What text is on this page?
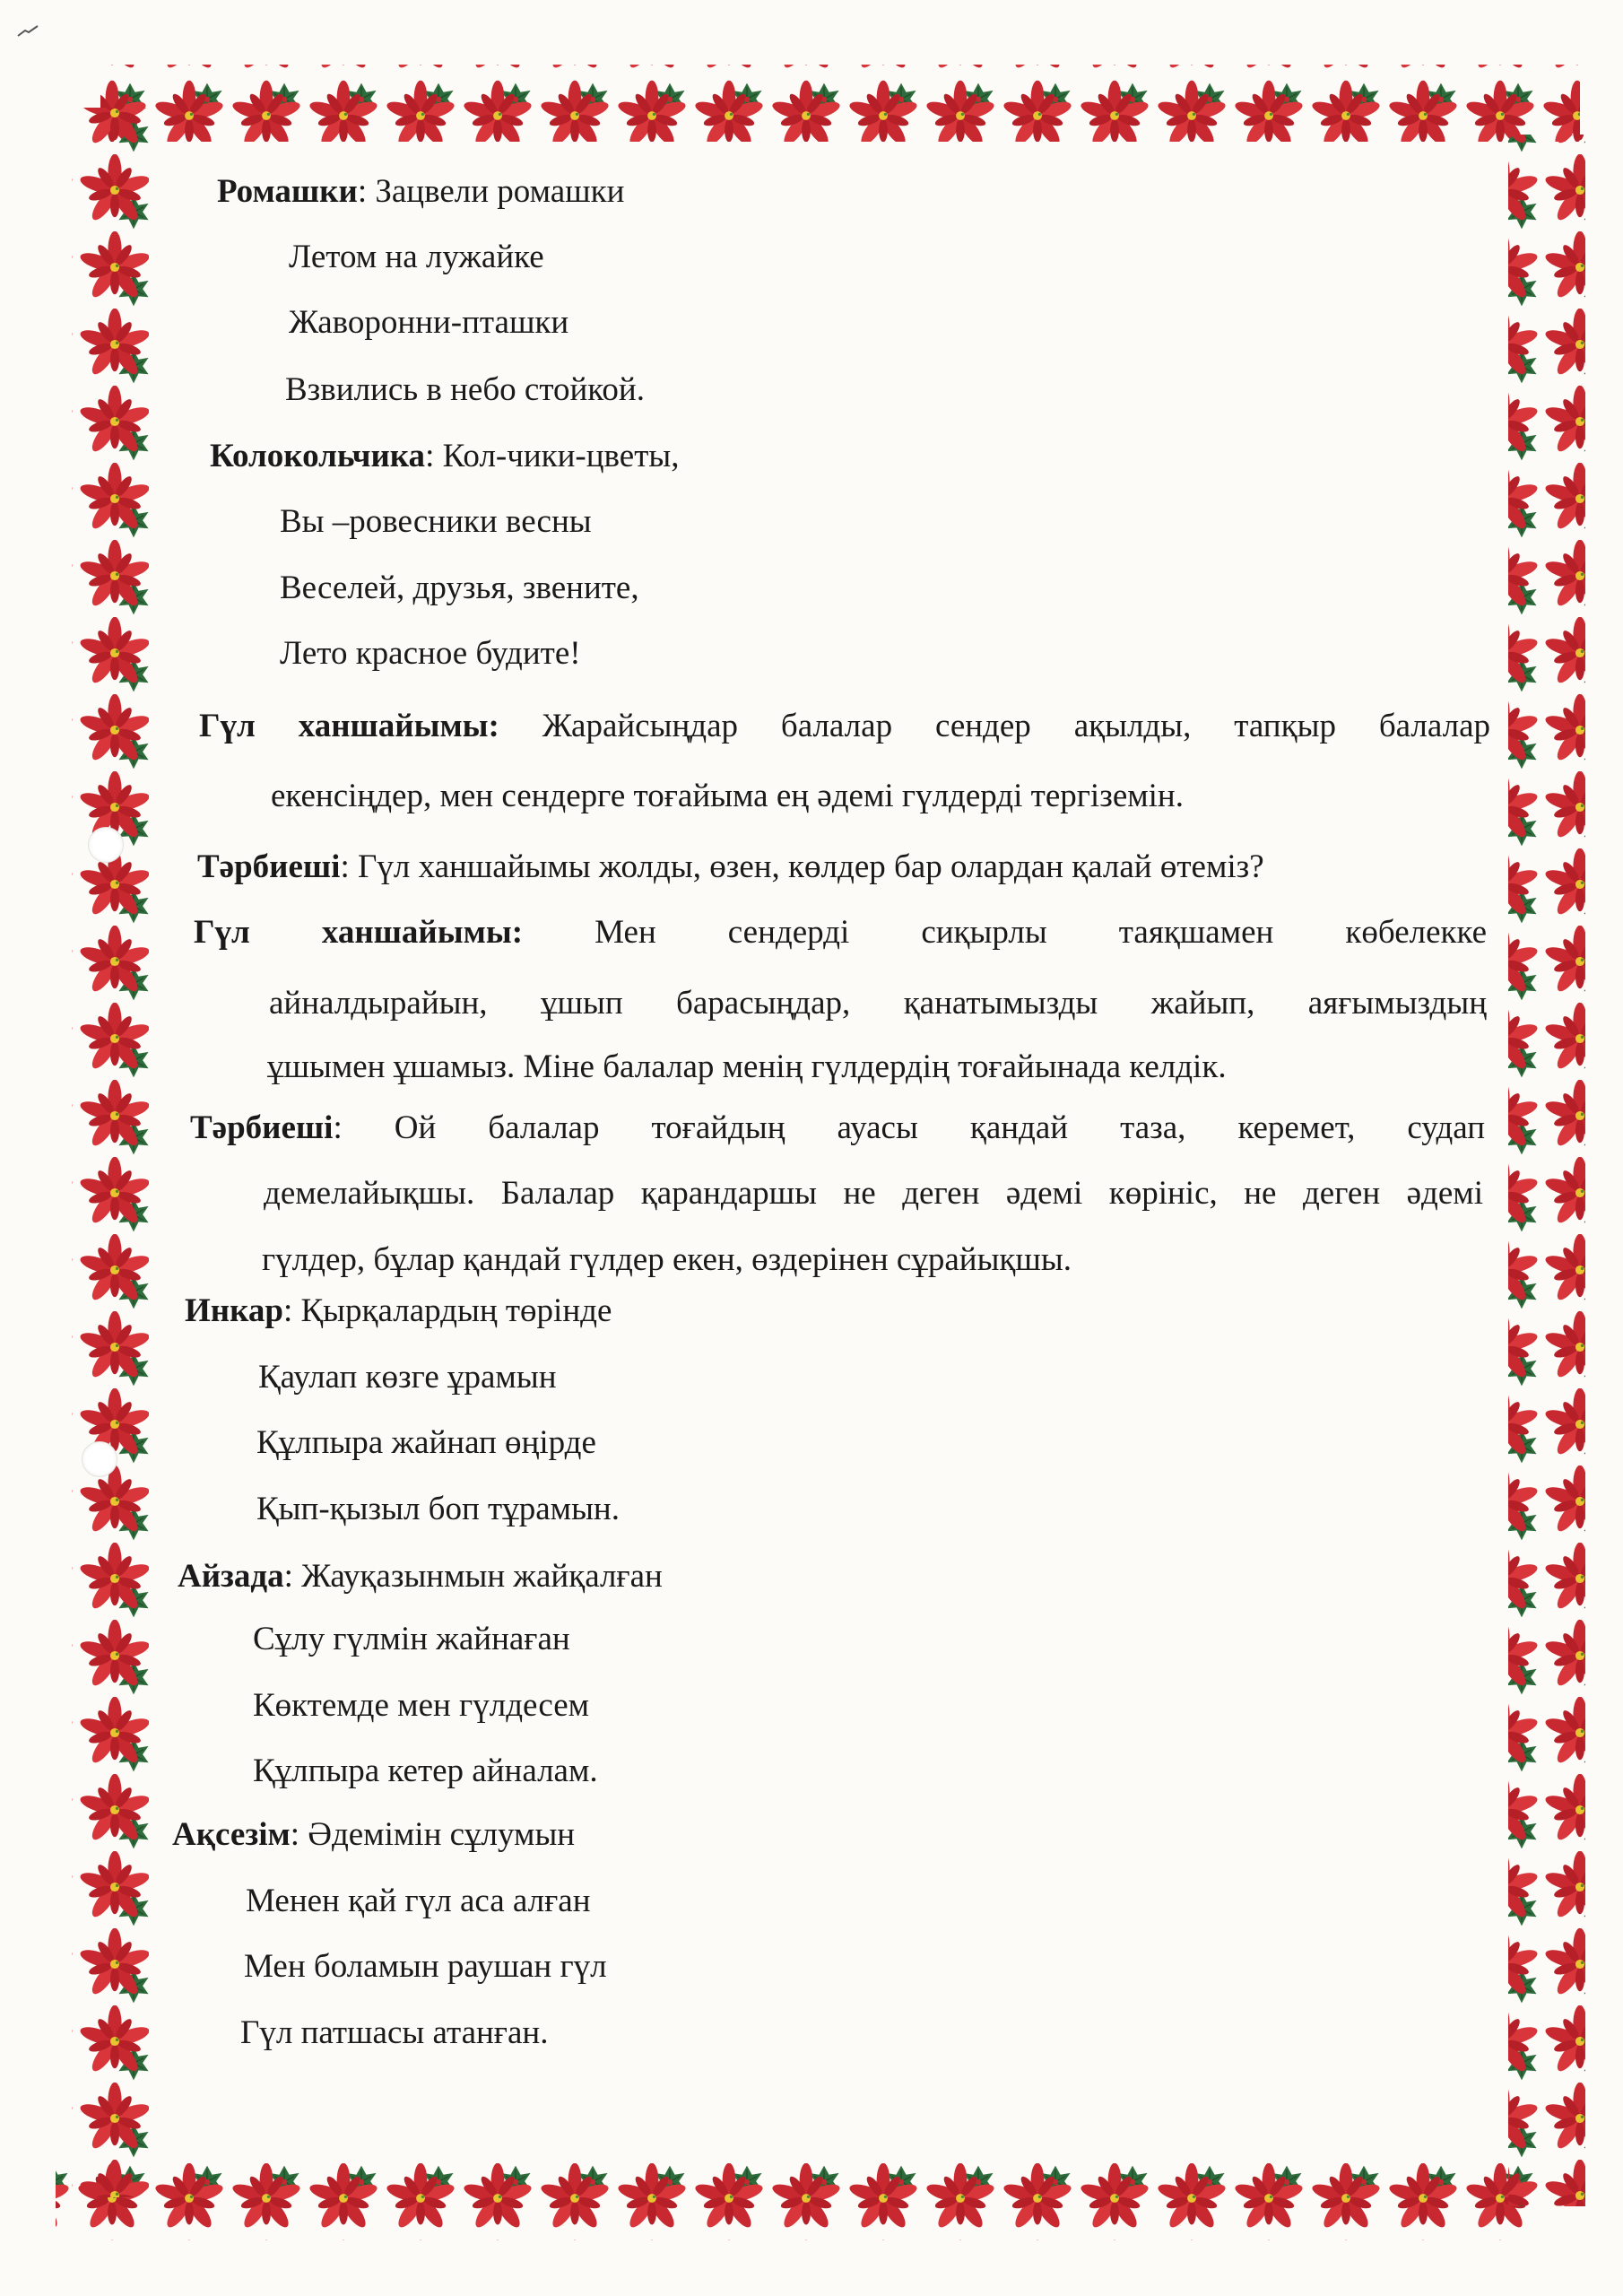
Ромашки: Зацвели ромашки
Летом на лужайке
Жаворонни-пташки
Взвились в небо стойкой.
Колокольчика: Кол-чики-цветы,
Вы –ровесники весны
Веселей, друзья, звените,
Лето красное будите!
Гүл ханшайымы: Жарайсыңдар балалар сендер ақылды, тапқыр балалар
екенсіңдер, мен сендерге тоғайыма ең әдемі гүлдерді тергіземін.
Тәрбиеші: Гүл ханшайымы жолды, өзен, көлдер бар олардан қалай өтеміз?
Гүл ханшайымы: Мен сендерді сиқырлы таяқшамен көбелекке
айналдырайын, ұшып барасыңдар, қанатымызды жайып, аяғымыздың
ұшымен ұшамыз. Міне балалар менің гүлдердің тоғайынада келдік.
Тәрбиеші: Ой балалар тоғайдың ауасы қандай таза, керемет, судап
демелайықшы. Балалар қарандаршы не деген әдемі көрініс, не деген әдемі
гүлдер, бұлар қандай гүлдер екен, өздерінен сұрайықшы.
Инкар: Қырқалардың төрінде
Қаулап көзге ұрамын
Құлпыра жайнап өңірде
Қып-қызыл боп тұрамын.
Айзада: Жауқазынмын жайқалған
Сұлу гүлмін жайнаған
Көктемде мен гүлдесем
Құлпыра кетер айналам.
Ақсезім: Әдемімін сұлумын
Менен қай гүл аса алған
Мен боламын раушан гүл
Гүл патшасы атанған.
